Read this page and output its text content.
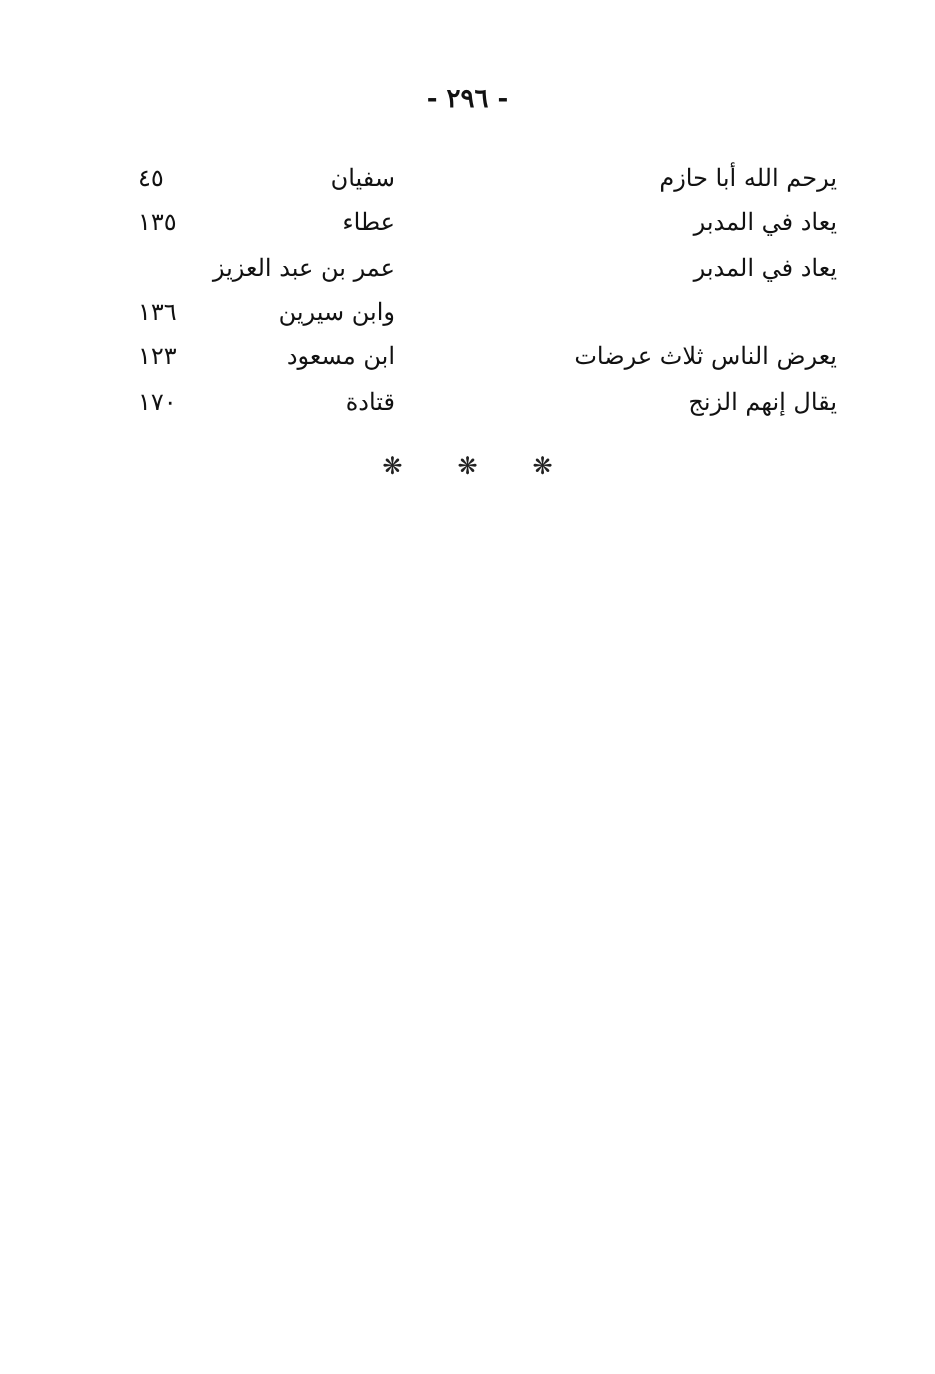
- ٢٩٦ -
يرحم الله أبا حازم
سفيان
٤٥
يعاد في المدبر
عطاء
١٣٥
يعاد في المدبر
عمر بن عبد العزيز
وابن سيرين
١٣٦
يعرض الناس ثلاث عرضات
ابن مسعود
١٢٣
يقال إنهم الزنج
قتادة
١٧٠
❋ ❋ ❋
